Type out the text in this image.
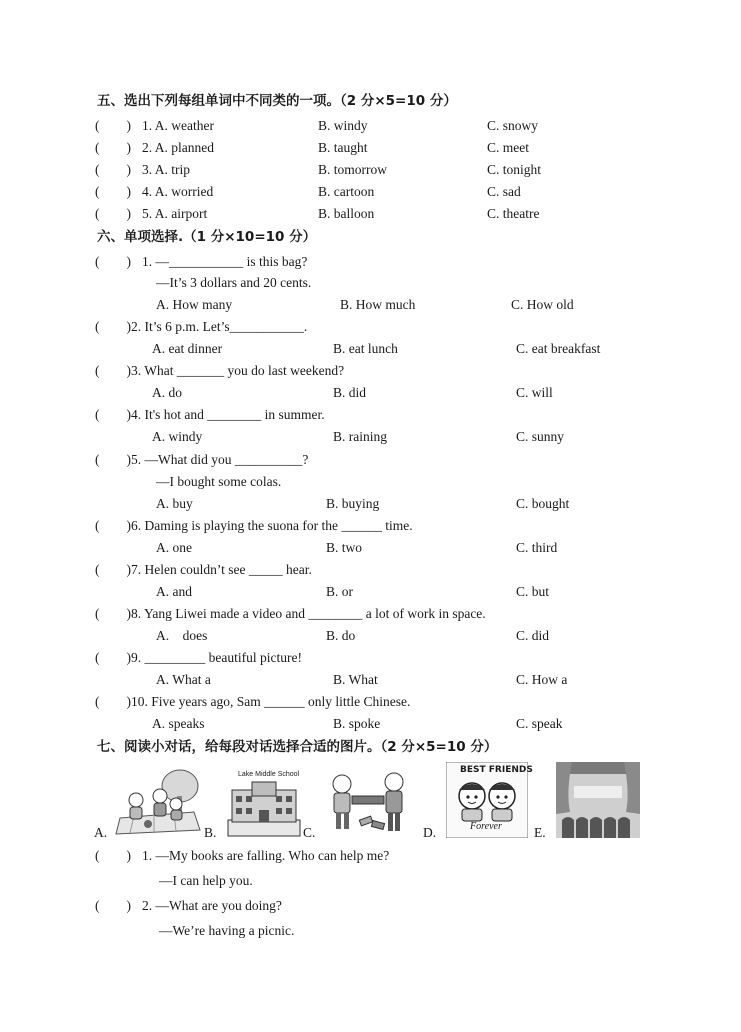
五、选出下列每组单词中不同类的一项。（2 分×5=10 分）
(        ) 1. A. weather	B. windy	C. snowy
(        ) 2. A. planned	B. taught	C. meet
(        ) 3. A. trip	B. tomorrow	C. tonight
(        ) 4. A. worried	B. cartoon	C. sad
(        ) 5. A. airport	B. balloon	C. theatre
六、单项选择.（1 分×10=10 分）
(        ) 1. —___________ is this bag?
—It’s 3 dollars and 20 cents.
A. How many	B. How much	C. How old
(        ) 2. It’s 6 p.m. Let’s___________.
A. eat dinner	B. eat lunch	C. eat breakfast
(        ) 3. What _______ you do last weekend?
A. do	B. did	C. will
(        ) 4. It's hot and ________ in summer.
A. windy	B. raining	C. sunny
(        ) 5. —What did you __________?
—I bought some colas.
A. buy	B. buying	C. bought
(        ) 6. Daming is playing the suona for the ______ time.
A. one	B. two	C. third
(        ) 7. Helen couldn’t see _____ hear.
A. and	B. or	C. but
(        ) 8. Yang Liwei made a video and ________ a lot of work in space.
A.    does	B. do	C. did
(        ) 9. _________ beautiful picture!
A. What a	B. What	C. How a
(        ) 10. Five years ago, Sam ______ only little Chinese.
A. speaks	B. spoke	C. speak
七、阅读小对话，给每段对话选择合适的图片。（2 分×5=10 分）
A.
Lake Middle School
B.	C.
BEST FRIENDS
Forever
D.	E.
(        ) 1. —My books are falling. Who can help me?
—I can help you.
(        ) 2. —What are you doing?
—We’re having a picnic.
